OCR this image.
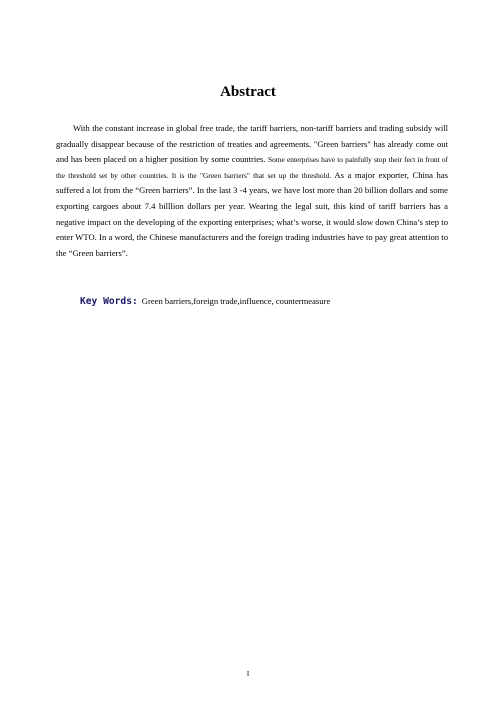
Abstract

With the constant increase in global free trade, the tariff barriers, non-tariff barriers and trading subsidy will gradually disappear because of the restriction of treaties and agreements. "Green barriers" has already come out and has been placed on a higher position by some countries. Some enterprises have to painfully stop their fect in front of the threshold set by other countries. It is the "Green barriers" that set up the threshold. As a major exporter, China has suffered a lot from the “Green barriers”. In the last 3 -4 years, we have lost more than 20 billion dollars and some exporting cargoes about 7.4 billlion dollars per year. Wearing the legal suit, this kind of tariff barriers has a negative impact on the developing of the exporting enterprises; what’s worse, it would slow down China’s step to enter WTO. In a word, the Chinese manufacturers and the foreign trading industries have to pay great attention to the “Green barriers”.

Key Words: Green barriers,foreign trade,influence, countermeasure
I
